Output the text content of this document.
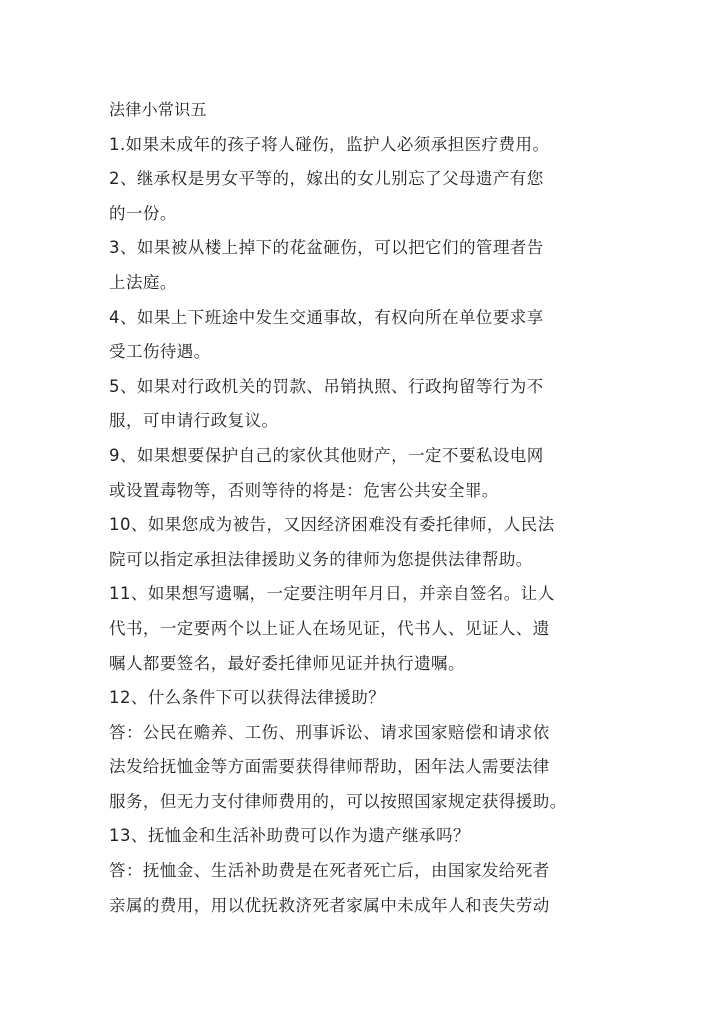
法律小常识五
1.如果未成年的孩子将人碰伤，监护人必须承担医疗费用。
2、继承权是男女平等的，嫁出的女儿别忘了父母遗产有您
的一份。
3、如果被从楼上掉下的花盆砸伤，可以把它们的管理者告
上法庭。
4、如果上下班途中发生交通事故，有权向所在单位要求享
受工伤待遇。
5、如果对行政机关的罚款、吊销执照、行政拘留等行为不
服，可申请行政复议。
9、如果想要保护自己的家伙其他财产，一定不要私设电网
或设置毒物等，否则等待的将是：危害公共安全罪。
10、如果您成为被告，又因经济困难没有委托律师，人民法
院可以指定承担法律援助义务的律师为您提供法律帮助。
11、如果想写遗嘱，一定要注明年月日，并亲自签名。让人
代书，一定要两个以上证人在场见证，代书人、见证人、遗
嘱人都要签名，最好委托律师见证并执行遗嘱。
12、什么条件下可以获得法律援助？
答：公民在赡养、工伤、刑事诉讼、请求国家赔偿和请求依
法发给抚恤金等方面需要获得律师帮助，困年法人需要法律
服务，但无力支付律师费用的，可以按照国家规定获得援助。
13、抚恤金和生活补助费可以作为遗产继承吗？
答：抚恤金、生活补助费是在死者死亡后，由国家发给死者
亲属的费用，用以优抚救济死者家属中未成年人和丧失劳动
